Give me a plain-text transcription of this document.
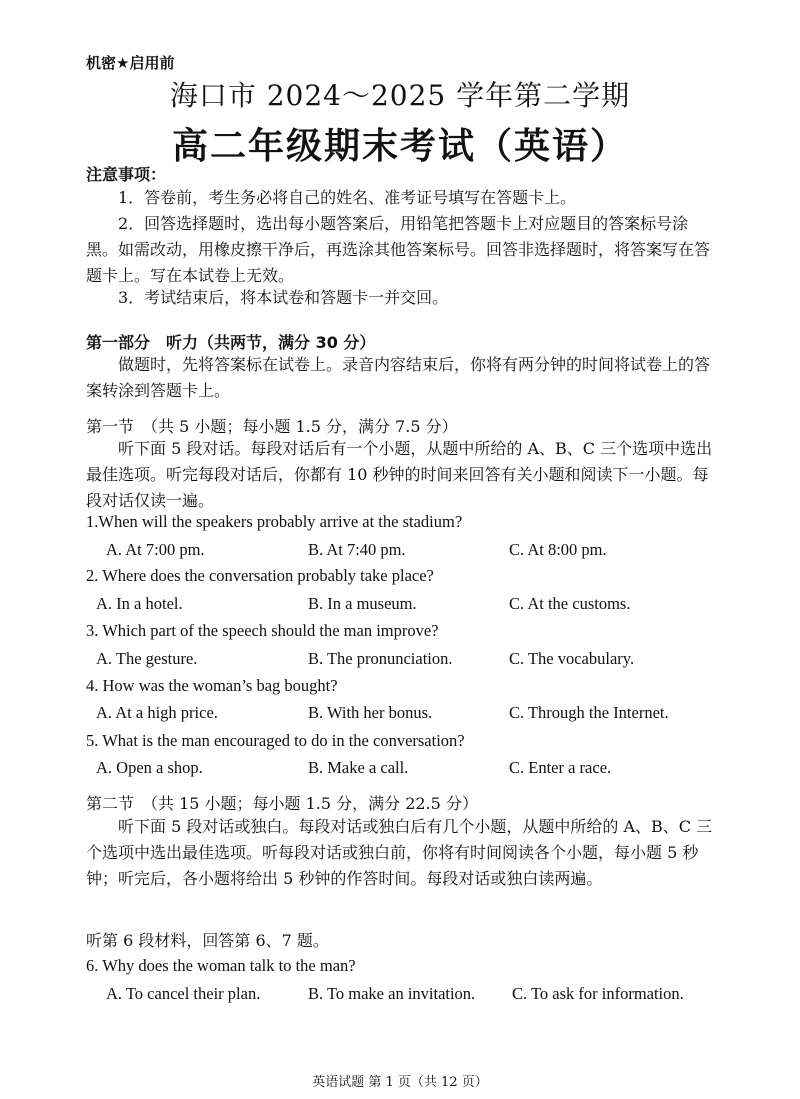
机密★启用前
海口市 2024～2025 学年第二学期
高二年级期末考试（英语）
注意事项：
1．答卷前，考生务必将自己的姓名、准考证号填写在答题卡上。
2．回答选择题时，选出每小题答案后，用铅笔把答题卡上对应题目的答案标号涂黑。如需改动，用橡皮擦干净后，再选涂其他答案标号。回答非选择题时，将答案写在答题卡上。写在本试卷上无效。
3．考试结束后，将本试卷和答题卡一并交回。
第一部分　听力（共两节，满分 30 分）
做题时，先将答案标在试卷上。录音内容结束后，你将有两分钟的时间将试卷上的答案转涂到答题卡上。
第一节　（共 5 小题；每小题 1.5 分，满分 7.5 分）
听下面 5 段对话。每段对话后有一个小题，从题中所给的 A、B、C 三个选项中选出最佳选项。听完每段对话后，你都有 10 秒钟的时间来回答有关小题和阅读下一小题。每段对话仅读一遍。
1.When will the speakers probably arrive at the stadium?
A. At 7:00 pm.	B. At 7:40 pm.	C. At 8:00 pm.
2. Where does the conversation probably take place?
A. In a hotel.	B. In a museum.	C. At the customs.
3. Which part of the speech should the man improve?
A. The gesture.	B. The pronunciation.	C. The vocabulary.
4. How was the woman’s bag bought?
A. At a high price.	B. With her bonus.	C. Through the Internet.
5. What is the man encouraged to do in the conversation?
A. Open a shop.	B. Make a call.	C. Enter a race.
第二节　（共 15 小题；每小题 1.5 分，满分 22.5 分）
听下面 5 段对话或独白。每段对话或独白后有几个小题，从题中所给的 A、B、C 三个选项中选出最佳选项。听每段对话或独白前，你将有时间阅读各个小题，每小题 5 秒钟；听完后，各小题将给出 5 秒钟的作答时间。每段对话或独白读两遍。
听第 6 段材料，回答第 6、7 题。
6. Why does the woman talk to the man?
A. To cancel their plan.	B. To make an invitation. C. To ask for information.
英语试题 第 1 页（共 12 页）
